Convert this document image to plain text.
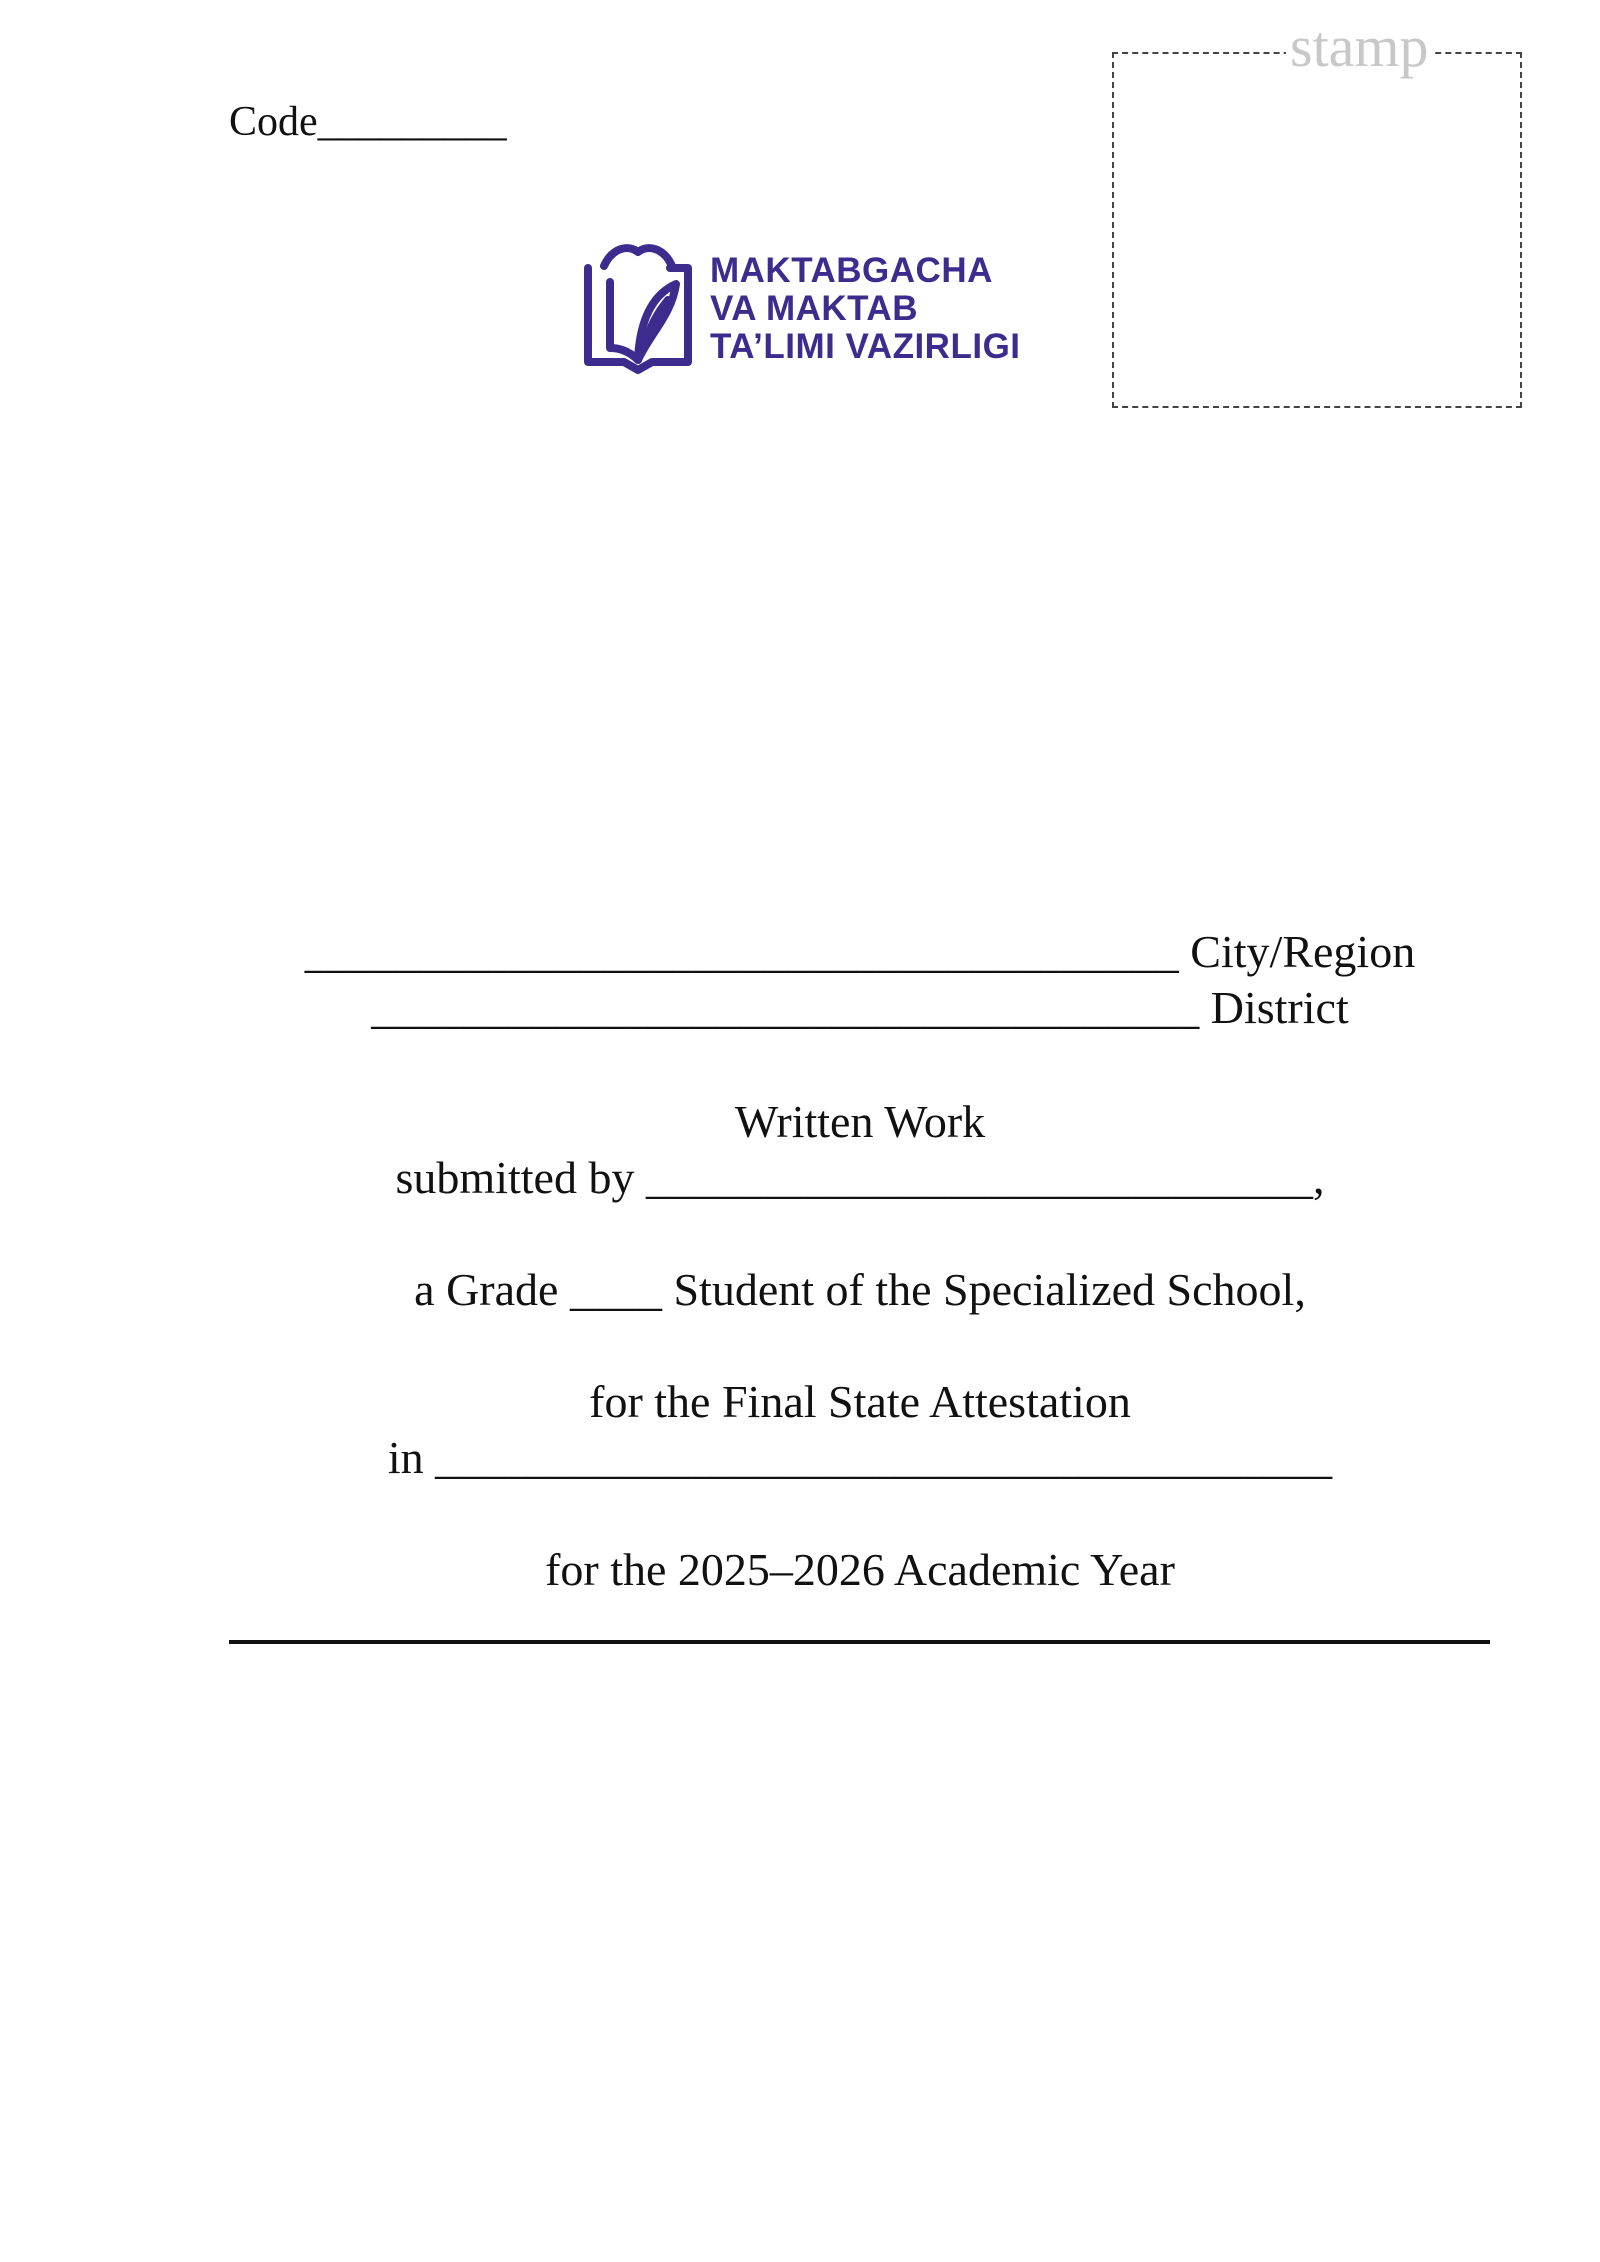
Code_________
stamp
MAKTABGACHA
VA MAKTAB
TA’LIMI VAZIRLIGI
______________________________________ City/Region
____________________________________ District
Written Work
submitted by _____________________________,
a Grade ____ Student of the Specialized School,
for the Final State Attestation
in _______________________________________
for the 2025–2026 Academic Year
